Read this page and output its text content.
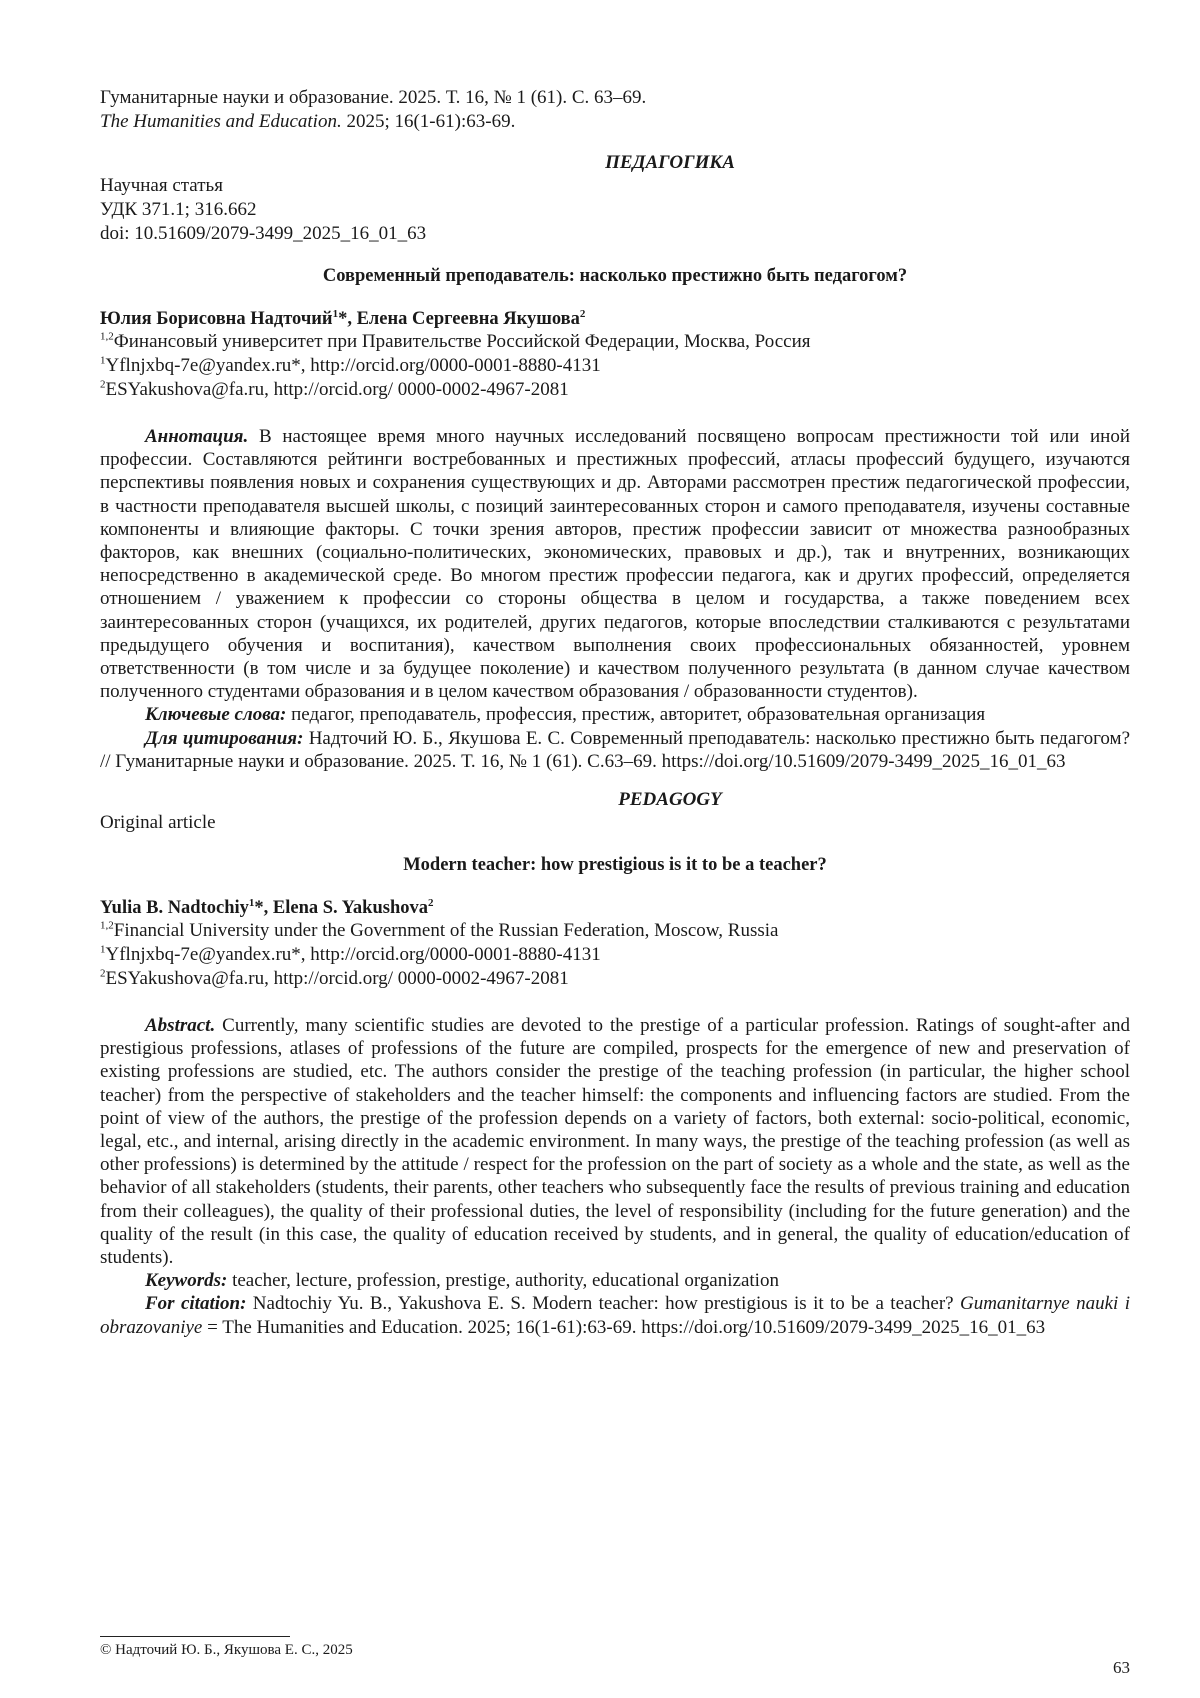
Гуманитарные науки и образование. 2025. Т. 16, № 1 (61). С. 63–69.
The Humanities and Education. 2025; 16(1-61):63-69.
ПЕДАГОГИКА
Научная статья
УДК 371.1; 316.662
doi: 10.51609/2079-3499_2025_16_01_63
Современный преподаватель: насколько престижно быть педагогом?
Юлия Борисовна Надточий$^1$*, Елена Сергеевна Якушова$^2$
$^{1,2}$Финансовый университет при Правительстве Российской Федерации, Москва, Россия
$^1$Yflnjxbq-7e@yandex.ru*, http://orcid.org/0000-0001-8880-4131
$^2$ESYakushova@fa.ru, http://orcid.org/ 0000-0002-4967-2081

Аннотация. В настоящее время много научных исследований посвящено вопросам престижности той или иной профессии. Составляются рейтинги востребованных и престижных профессий, атласы профессий будущего, изучаются перспективы появления новых и сохранения существующих и др. Авторами рассмотрен престиж педагогической профессии, в частности преподавателя высшей школы, с позиций заинтересованных сторон и самого преподавателя, изучены составные компоненты и влияющие факторы. С точки зрения авторов, престиж профессии зависит от множества разнообразных факторов, как внешних (социально-политических, экономических, правовых и др.), так и внутренних, возникающих непосредственно в академической среде. Во многом престиж профессии педагога, как и других профессий, определяется отношением / уважением к профессии со стороны общества в целом и государства, а также поведением всех заинтересованных сторон (учащихся, их родителей, других педагогов, которые впоследствии сталкиваются с результатами предыдущего обучения и воспитания), качеством выполнения своих профессиональных обязанностей, уровнем ответственности (в том числе и за будущее поколение) и качеством полученного результата (в данном случае качеством полученного студентами образования и в целом качеством образования / образованности студентов).

Ключевые слова: педагог, преподаватель, профессия, престиж, авторитет, образовательная организация

Для цитирования: Надточий Ю. Б., Якушова Е. С. Современный преподаватель: насколько престижно быть педагогом? // Гуманитарные науки и образование. 2025. Т. 16, № 1 (61). С.63–69. https://doi.org/10.51609/2079-3499_2025_16_01_63

PEDAGOGY
Original article
Modern teacher: how prestigious is it to be a teacher?
Yulia B. Nadtochiy$^1$*, Elena S. Yakushova$^2$
$^{1,2}$Financial University under the Government of the Russian Federation, Moscow, Russia
$^1$Yflnjxbq-7e@yandex.ru*, http://orcid.org/0000-0001-8880-4131
$^2$ESYakushova@fa.ru, http://orcid.org/ 0000-0002-4967-2081

Abstract. Currently, many scientific studies are devoted to the prestige of a particular profession. Ratings of sought-after and prestigious professions, atlases of professions of the future are compiled, prospects for the emergence of new and preservation of existing professions are studied, etc. The authors consider the prestige of the teaching profession (in particular, the higher school teacher) from the perspective of stakeholders and the teacher himself: the components and influencing factors are studied. From the point of view of the authors, the prestige of the profession depends on a variety of factors, both external: socio-political, economic, legal, etc., and internal, arising directly in the academic environment. In many ways, the prestige of the teaching profession (as well as other professions) is determined by the attitude / respect for the profession on the part of society as a whole and the state, as well as the behavior of all stakeholders (students, their parents, other teachers who subsequently face the results of previous training and education from their colleagues), the quality of their professional duties, the level of responsibility (including for the future generation) and the quality of the result (in this case, the quality of education received by students, and in general, the quality of education/education of students).

Keywords: teacher, lecture, profession, prestige, authority, educational organization

For citation: Nadtochiy Yu. B., Yakushova E. S. Modern teacher: how prestigious is it to be a teacher? Gumanitarnye nauki i obrazovaniye = The Humanities and Education. 2025; 16(1-61):63-69. https://doi.org/10.51609/2079-3499_2025_16_01_63

© Надточий Ю. Б., Якушова Е. С., 2025
63
